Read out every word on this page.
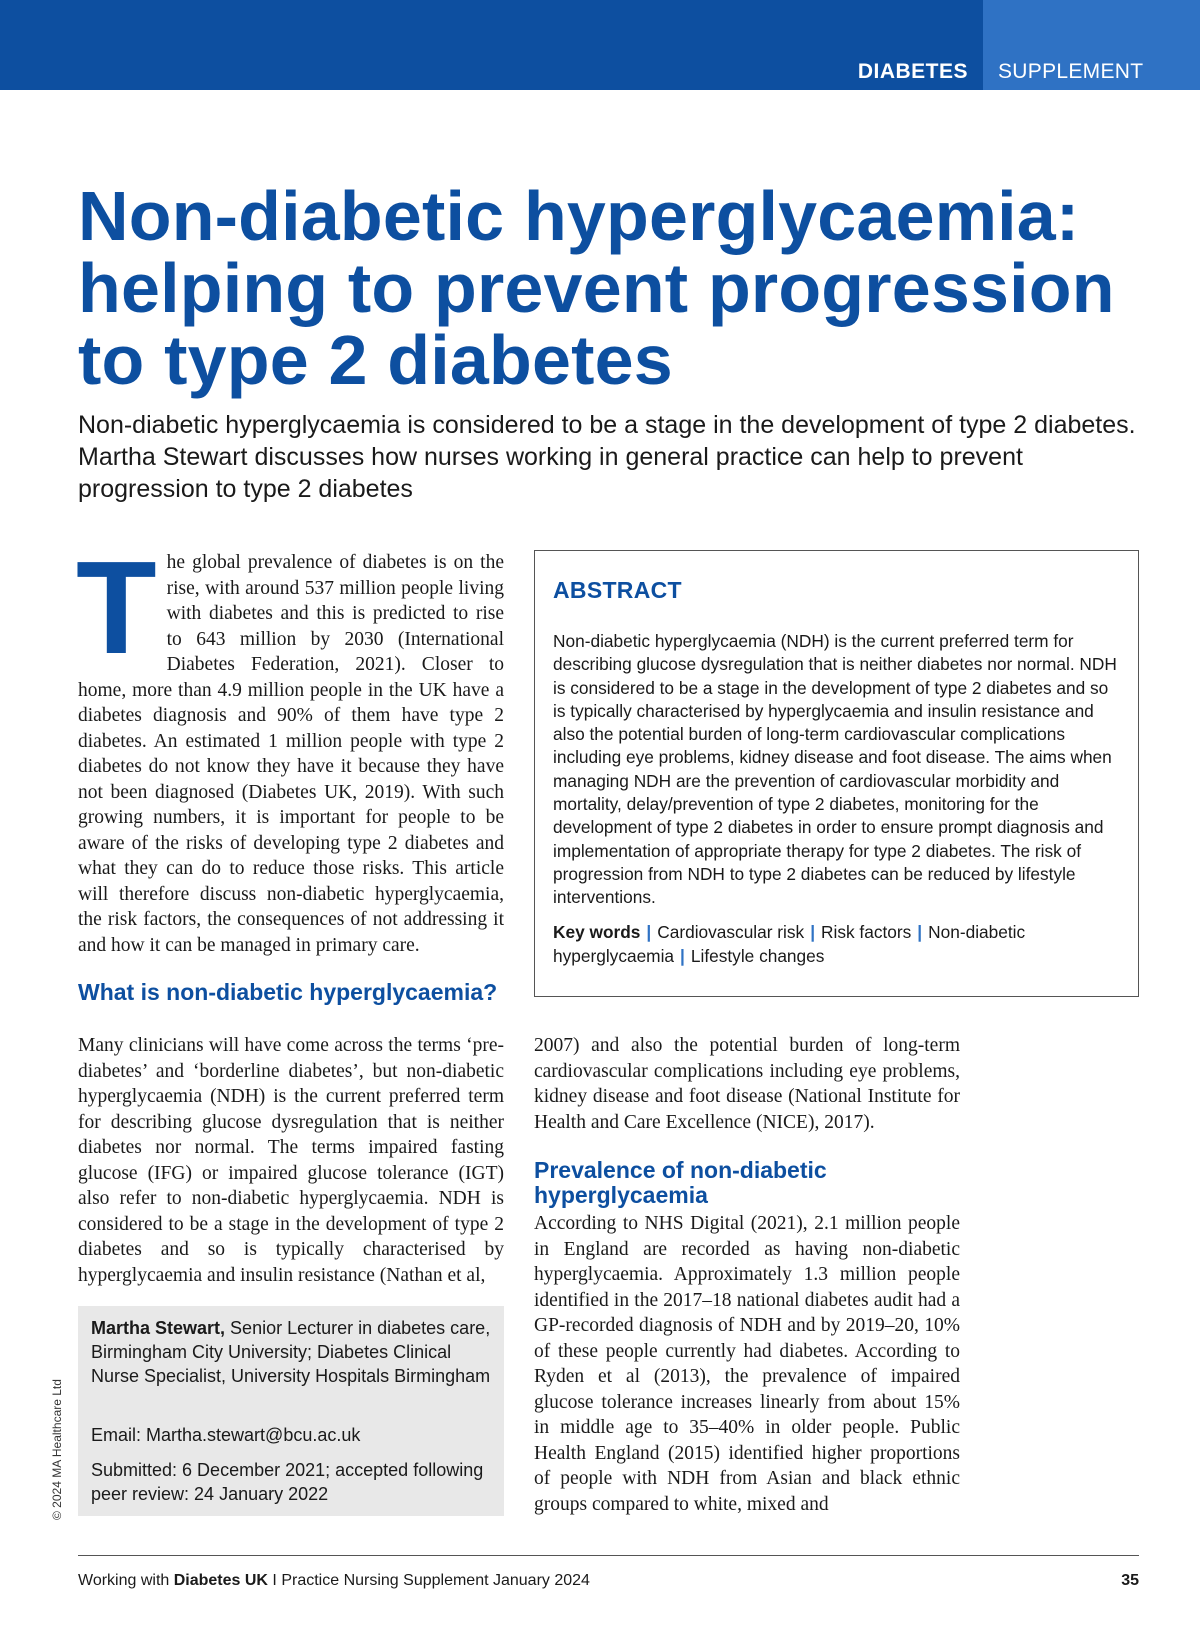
DIABETES SUPPLEMENT
Non-diabetic hyperglycaemia: helping to prevent progression to type 2 diabetes

Non-diabetic hyperglycaemia is considered to be a stage in the development of type 2 diabetes. Martha Stewart discusses how nurses working in general practice can help to prevent progression to type 2 diabetes

T he global prevalence of diabetes is on the rise, with around 537 million people living with diabetes and this is predicted to rise to 643 million by 2030 (International Diabetes Federation, 2021). Closer to home, more than 4.9 million people in the UK have a diabetes diagnosis and 90% of them have type 2 diabetes. An estimated 1 million people with type 2 diabetes do not know they have it because they have not been diagnosed (Diabetes UK, 2019). With such growing numbers, it is important for people to be aware of the risks of developing type 2 diabetes and what they can do to reduce those risks. This article will therefore discuss non-diabetic hyperglycaemia, the risk factors, the consequences of not addressing it and how it can be managed in primary care.

What is non-diabetic hyperglycaemia?

Many clinicians will have come across the terms ‘pre-diabetes’ and ‘borderline diabetes’, but non-diabetic hyperglycaemia (NDH) is the current preferred term for describing glucose dysregulation that is neither diabetes nor normal. The terms impaired fasting glucose (IFG) or impaired glucose tolerance (IGT) also refer to non-diabetic hyperglycaemia. NDH is considered to be a stage in the development of type 2 diabetes and so is typically characterised by hyperglycaemia and insulin resistance (Nathan et al,

Martha Stewart, Senior Lecturer in diabetes care, Birmingham City University; Diabetes Clinical Nurse Specialist, University Hospitals Birmingham

Email: Martha.stewart@bcu.ac.uk

Submitted: 6 December 2021; accepted following peer review: 24 January 2022

ABSTRACT

Non-diabetic hyperglycaemia (NDH) is the current preferred term for describing glucose dysregulation that is neither diabetes nor normal. NDH is considered to be a stage in the development of type 2 diabetes and so is typically characterised by hyperglycaemia and insulin resistance and also the potential burden of long-term cardiovascular complications including eye problems, kidney disease and foot disease. The aims when managing NDH are the prevention of cardiovascular morbidity and mortality, delay/prevention of type 2 diabetes, monitoring for the development of type 2 diabetes in order to ensure prompt diagnosis and implementation of appropriate therapy for type 2 diabetes. The risk of progression from NDH to type 2 diabetes can be reduced by lifestyle interventions.

Key words | Cardiovascular risk | Risk factors | Non-diabetic hyperglycaemia | Lifestyle changes

2007) and also the potential burden of long-term cardiovascular complications including eye problems, kidney disease and foot disease (National Institute for Health and Care Excellence (NICE), 2017).

Prevalence of non-diabetic hyperglycaemia

According to NHS Digital (2021), 2.1 million people in England are recorded as having non-diabetic hyperglycaemia. Approximately 1.3 million people identified in the 2017–18 national diabetes audit had a GP-recorded diagnosis of NDH and by 2019–20, 10% of these people currently had diabetes. According to Ryden et al (2013), the prevalence of impaired glucose tolerance increases linearly from about 15% in middle age to 35–40% in older people. Public Health England (2015) identified higher proportions of people with NDH from Asian and black ethnic groups compared to white, mixed and

© 2024 MA Healthcare Ltd

Working with Diabetes UK I Practice Nursing Supplement January 2024	35
